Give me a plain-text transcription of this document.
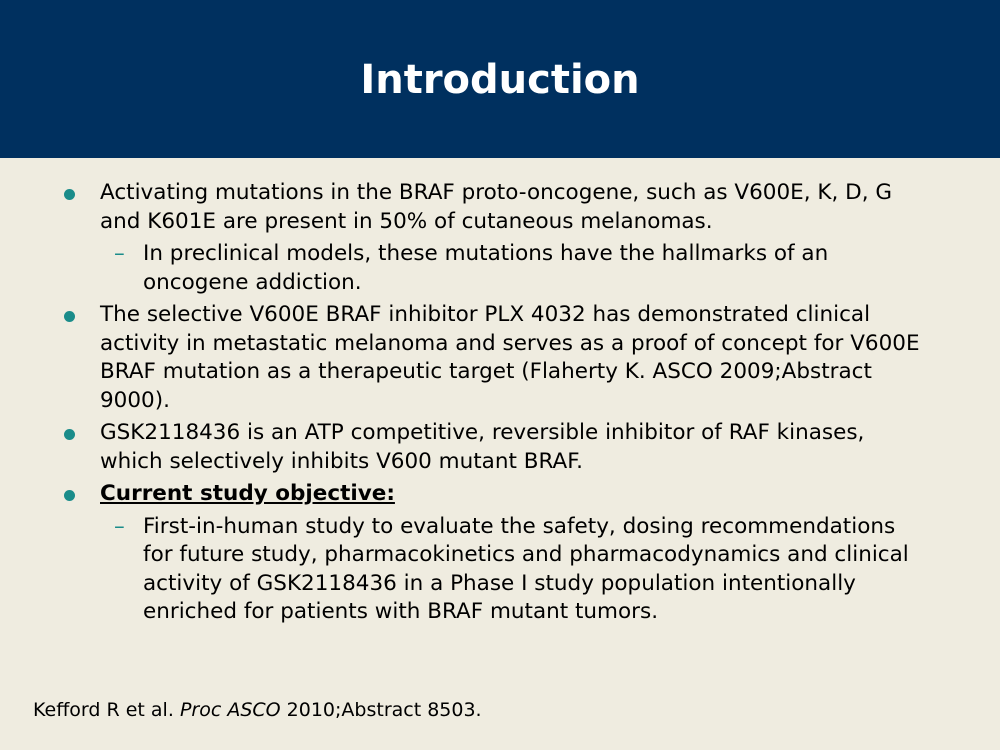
Introduction

Activating mutations in the BRAF proto-oncogene, such as V600E, K, D, G and K601E are present in 50% of cutaneous melanomas.

– In preclinical models, these mutations have the hallmarks of an oncogene addiction.

The selective V600E BRAF inhibitor PLX 4032 has demonstrated clinical activity in metastatic melanoma and serves as a proof of concept for V600E BRAF mutation as a therapeutic target (Flaherty K. ASCO 2009;Abstract 9000).

GSK2118436 is an ATP competitive, reversible inhibitor of RAF kinases, which selectively inhibits V600 mutant BRAF.

Current study objective:

– First-in-human study to evaluate the safety, dosing recommendations for future study, pharmacokinetics and pharmacodynamics and clinical activity of GSK2118436 in a Phase I study population intentionally enriched for patients with BRAF mutant tumors.

Kefford R et al. Proc ASCO 2010;Abstract 8503.
